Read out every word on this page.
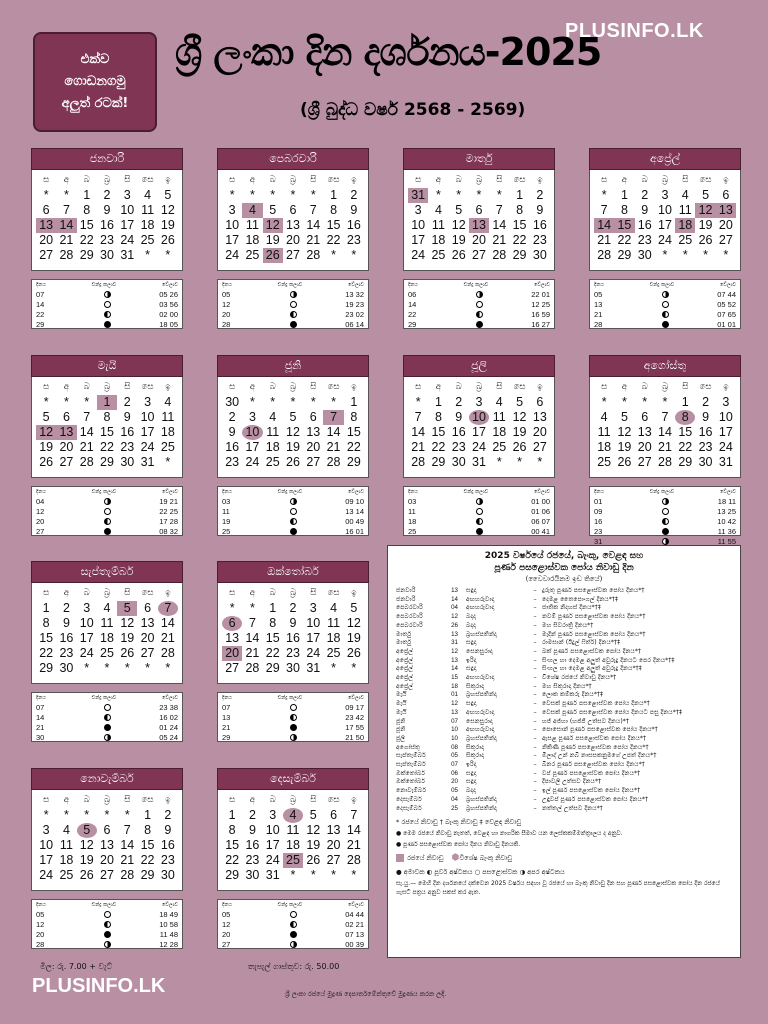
PLUSINFO.LK
එක්ව
ගොඩනගමු
අලුත් රටක්!
ශ්‍රී ලංකා දින දර්ශනය-2025
(ශ්‍රී බුද්ධ වර්ෂ 2568 - 2569)
ජනවාරි
ස	අ	බ	බ්‍ර	සි	සෙ	ඉ
*	*	1	2	3	4	5
6	7	8	9 10 11 12
13 14 15 16 17 18 19
20 21 22 23 24 25 26
27 28 29 30 31 *	*
දිනය	චන්ද්‍ර කලාව	වේලාව
07	05 26
14	03 56
22	02 00
29	18 05
පෙබරවාරි
ස	අ	බ	බ්‍ර	සි	සෙ	ඉ
*	*	*	*	*	1	2
3	4	5	6	7	8	9
10 11 12 13 14 15 16
17 18 19 20 21 22 23
24 25 26 27 28 *	*
දිනය	චන්ද්‍ර කලාව	වේලාව
05	13 32
12	19 23
20	23 02
28	06 14
මාර්තු
ස	අ	බ	බ්‍ර	සි	සෙ	ඉ
31 *	*	*	*	1	2
3	4	5	6	7	8	9
10 11 12 13 14 15 16
17 18 19 20 21 22 23
24 25 26 27 28 29 30
දිනය	චන්ද්‍ර කලාව	වේලාව
06	22 01
14	12 25
22	16 59
29	16 27
අප්‍රේල්
ස	අ	බ	බ්‍ර	සි	සෙ	ඉ
*	1	2	3	4	5	6
7	8	9 10 11 12 13
14 15 16 17 18 19 20
21 22 23 24 25 26 27
28 29 30 *	*	*	*
දිනය	චන්ද්‍ර කලාව	වේලාව
05	07 44
13	05 52
21	07 65
28	01 01
මැයි
ස	අ	බ	බ්‍ර	සි	සෙ	ඉ
*	*	*	1	2	3	4
5	6	7	8	9 10 11
12 13 14 15 16 17 18
19 20 21 22 23 24 25
26 27 28 29 30 31 *
දිනය	චන්ද්‍ර කලාව	වේලාව
04	19 21
12	22 25
20	17 28
27	08 32
ජූනි
ස	අ	බ	බ්‍ර	සි	සෙ	ඉ
30 *	*	*	*	*	1
2	3	4	5	6	7	8
9 10 11 12 13 14 15
16 17 18 19 20 21 22
23 24 25 26 27 28 29
දිනය	චන්ද්‍ර කලාව	වේලාව
03	09 10
11	13 14
19	00 49
25	16 01
ජූලි
ස	අ	බ	බ්‍ර	සි	සෙ	ඉ
*	1	2	3	4	5	6
7	8	9 10 11 12 13
14 15 16 17 18 19 20
21 22 23 24 25 26 27
28 29 30 31 *	*	*
දිනය	චන්ද්‍ර කලාව	වේලාව
03	01 00
11	01 06
18	06 07
25	00 41
අගෝස්තු
ස	අ	බ	බ්‍ර	සි	සෙ	ඉ
*	*	*	*	1	2	3
4	5	6	7	8	9 10
11 12 13 14 15 16 17
18 19 20 21 22 23 24
25 26 27 28 29 30 31
දිනය	චන්ද්‍ර කලාව	වේලාව
01	18 11
09	13 25
16	10 42
23	11 36
31	11 55
සැප්තැම්බර්
ස	අ	බ	බ්‍ර	සි	සෙ	ඉ
1	2	3	4	5	6	7
8	9 10 11 12 13 14
15 16 17 18 19 20 21
22 23 24 25 26 27 28
29 30 *	*	*	*	*
දිනය	චන්ද්‍ර කලාව	වේලාව
07	23 38
14	16 02
21	01 24
30	05 24
ඔක්තෝබර්
ස	අ	බ	බ්‍ර	සි	සෙ	ඉ
*	*	1	2	3	4	5
6	7	8	9 10 11 12
13 14 15 16 17 18 19
20 21 22 23 24 25 26
27 28 29 30 31 *	*
දිනය	චන්ද්‍ර කලාව	වේලාව
07	09 17
13	23 42
21	17 55
29	21 50
නොවැම්බර්
ස	අ	බ	බ්‍ර	සි	සෙ	ඉ
*	*	*	*	*	1	2
3	4	5	6	7	8	9
10 11 12 13 14 15 16
17 18 19 20 21 22 23
24 25 26 27 28 29 30
දිනය	චන්ද්‍ර කලාව	වේලාව
05	18 49
12	10 58
20	11 48
28	12 28
දෙසැම්බර්
ස	අ	බ	බ්‍ර	සි	සෙ	ඉ
1	2	3	4	5	6	7
8	9 10 11 12 13 14
15 16 17 18 19 20 21
22 23 24 25 26 27 28
29 30 31 *	*	*	*
දිනය	චන්ද්‍ර කලාව	වේලාව
05	04 44
12	02 21
20	07 13
27	00 39
2025 වර්ෂයේ රජයේ, බැංකු, වෙළඳ සහ
පූර්ණ පසළොස්වක පෝය නිවාඩු දින
(වෛවාරයිනම ඉඩ තියේ)
ජනවාරි	13 සඳුදා	– දුරුතු පූර්ණ පසළොස්වක පෝය දිනය*†
ජනවාරි	14 අඟහරුවාදා	– දෙමළ තෛපොංගල් දිනය*†‡
පෙබරවාරි	04 අඟහරුවාදා	– ජාතික නිදහස් දිනය*†‡
පෙබරවාරි	12 බදාදා	– නවම් පූර්ණ පසළොස්වක පෝය දිනය*†
පෙබරවාරි	26 බදාදා	– මහ සිවරාත්‍රි දිනය*†
මාර්තු	13 බ්‍රහස්පතින්දා	– මැදින් පූර්ණ පසළොස්වක පෝය දිනය*†
මාර්තු	31 සඳුදා	– රාමසාන් (ඊදුල් ෆිත්ර්) දිනය*†‡
අප්‍රේල්	12 සෙනසුරාදා	– බක් පූර්ණ පසළොස්වක පෝය දිනය*†
අප්‍රේල්	13 ඉරිදා	– සිංහල හා දෙමළ අලුත් අවුරුදු දිනයට පෙර දිනය*†‡
අප්‍රේල්	14 සඳුදා	– සිංහල හා දෙමළ අලුත් අවුරුදු දිනය*†‡
අප්‍රේල්	15 අඟහරුවාදා	– විශේෂ රජයේ නිවාඩු දිනය*†
අප්‍රේල්	18 සිකුරාදා	– මහ සිකුරාදා දිනය*†
මැයි	01 බ්‍රහස්පතින්දා	– ලොක කම්කරු දිනය*†‡
මැයි	12 සඳුදා	– වෙසක් පූර්ණ පසළොස්වක පෝය දිනය*†
මැයි	13 අඟහරුවාදා	– වෙසක් පූර්ණ පසළොස්වක පෝය දිනයට පසු දිනය*†‡
ජූනි	07 සෙනසුරාදා	– හජ් අජ්හා (හජ්ජි උත්සව දිනය)*†
ජූනි	10 අඟහරුවාදා	– පොසොන් පූර්ණ පසළොස්වක පෝය දිනය*†
ජූලි	10 බ්‍රහස්පතින්දා	– ඇසළ පූර්ණ පසළොස්වක පෝය දිනය*†
අගෝස්තු	08 සිකුරාදා	– නිකිණි පූර්ණ පසළොස්වක පෝය දිනය*†
සැප්තැම්බර්	05 සිකුරාදා	– මීලාද් උන් නබි නාසසකනුමගේ උපත් දිනය*†
සැප්තැම්බර්	07 ඉරිදා	– බිනර පූර්ණ පසළොස්වක පෝය දිනය*†
ඔක්තෝබර්	06 සඳුදා	– වප් පූර්ණ පසළොස්වක පෝය දිනය*†
ඔක්තෝබර්	20 සඳුදා	– දීපාවලි උත්සව දිනය*†
නොවැම්බර්	05 බදාදා	– ඉල් පූර්ණ පසළොස්වක පෝය දිනය*†
දෙසැම්බර්	04 බ්‍රහස්පතින්දා	– උඳුවප් පූර්ණ පසළොස්වක පෝය දිනය*†
දෙසැම්බර්	25 බ්‍රහස්පතින්දා	– නත්තල් උත්සව දිනය*†
* රජයේ නිවාඩු † බැංකු නිවාඩු ‡ වෙළඳ නිවාඩු
● මෙම රජයේ නිවාඩු නැතත්, වෙළඳ හා නාගරික සීමාව යන ලෙස්කකම්මන්ත්‍රාලය ද අනුව.
● පූර්ණ පසළොස්වක පෝය දිනය නිවාඩු දිනයකි.
රජයේ නිවාඩු ⬢විශේෂ බැංකු නිවාඩු
● අමාවක ◐ පූර්ව අෂ්ටකය ○ පසළොස්වක ◑ අපර අෂ්ටකය
සැ.යු.— මෙහි දින දර්ශනයේ දක්වෙන 2025 වර්ෂය සඳහා වූ රජයේ හා බැංකු නිවාඩු දින සහ පූර්ණ පසළොස්වක පෝය දින රජයේ ගැසට් පත්‍රය අනුව සකස් කර ඇත.
මිල: රු. 7.00 + වැට්	තැපැල් ගාස්තුව: රු. 50.00
PLUSINFO.LK	ශ්‍රී ලංකා රජයේ මුද්‍රණ දෙපාර්තමේන්තුවේ මුද්‍රණය කරන ලදී.
